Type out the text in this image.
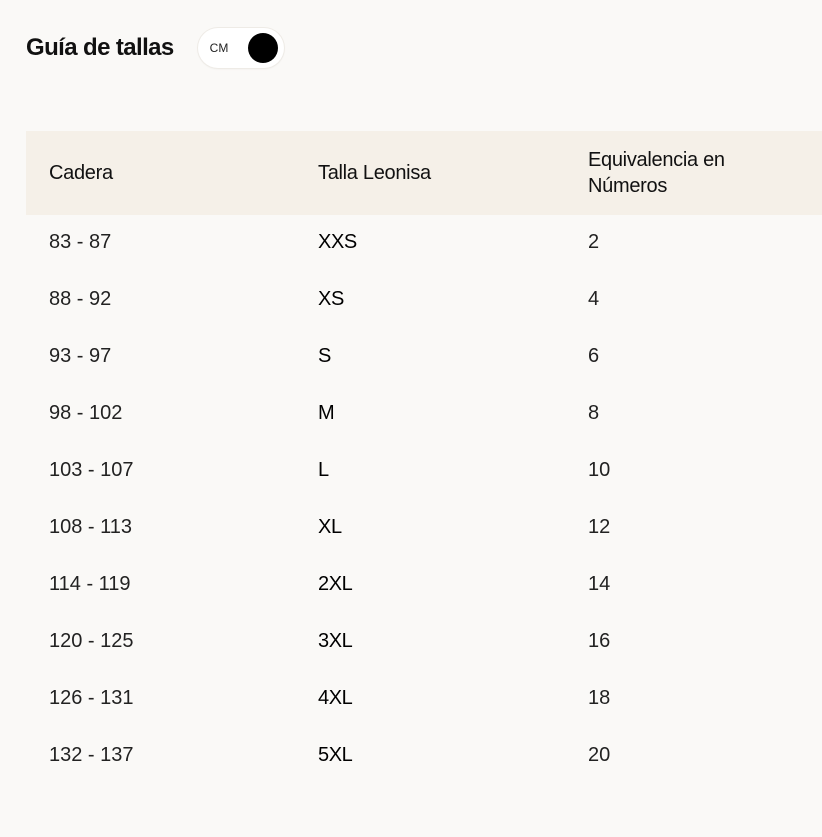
Guía de tallas	CM
Cadera	Talla Leonisa	Equivalencia en Números
83 - 87	XXS	2
88 - 92	XS	4
93 - 97	S	6
98 - 102	M	8
103 - 107	L	10
108 - 113	XL	12
114 - 119	2XL	14
120 - 125	3XL	16
126 - 131	4XL	18
132 - 137	5XL	20
